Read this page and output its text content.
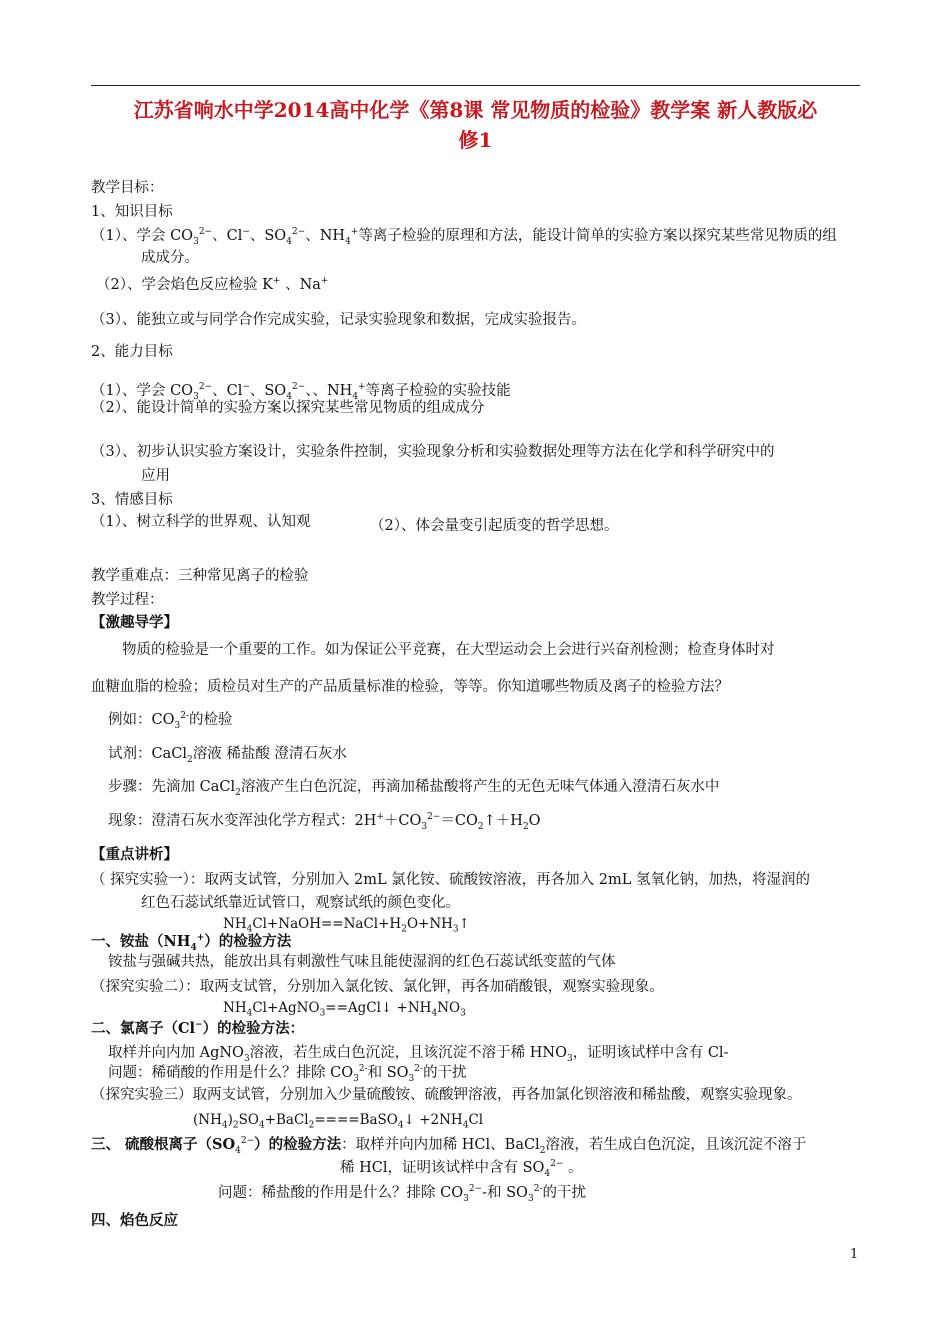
江苏省响水中学2014高中化学《第8课 常见物质的检验》教学案 新人教版必
修1
教学目标：
1、知识目标
（1）、学会 $CO_3^{2-}$、Cl−、$SO_4^{2-}$、$NH_4^+$等离子检验的原理和方法，能设计简单的实验方案以探究某些常见物质的组
成成分。
（2）、学会焰色反应检验 K+ 、Na+
（3）、能独立或与同学合作完成实验，记录实验现象和数据，完成实验报告。
2、能力目标
（1）、学会 $CO_3^{2-}$、Cl−、$SO_4^{2-}$、、$NH_4^+$等离子检验的实验技能
（2）、能设计简单的实验方案以探究某些常见物质的组成成分
（3）、初步认识实验方案设计，实验条件控制，实验现象分析和实验数据处理等方法在化学和科学研究中的
应用
3、情感目标
（1）、树立科学的世界观、认知观	（2）、体会量变引起质变的哲学思想。
教学重难点：三种常见离子的检验
教学过程：
【激趣导学】
物质的检验是一个重要的工作。如为保证公平竞赛，在大型运动会上会进行兴奋剂检测；检查身体时对
血糖血脂的检验；质检员对生产的产品质量标准的检验，等等。你知道哪些物质及离子的检验方法？
例如：$CO_3^{2-}$的检验
试剂：CaCl$_2$溶液 稀盐酸 澄清石灰水
步骤：先滴加 CaCl$_2$溶液产生白色沉淀，再滴加稀盐酸将产生的无色无味气体通入澄清石灰水中
现象：澄清石灰水变浑浊化学方程式：$2H^++CO_3^{2-}=CO_2↑+H_2O$
【重点讲析】
（ 探究实验一）：取两支试管，分别加入 2mL 氯化铵、硫酸铵溶液，再各加入 2mL 氢氧化钠，加热，将湿润的
红色石蕊试纸靠近试管口，观察试纸的颜色变化。
$NH_4Cl+NaOH==NaCl+H_2O+NH_3↑$
一、铵盐$(NH_4^+)$的检验方法
铵盐与强碱共热，能放出具有刺激性气味且能使湿润的红色石蕊试纸变蓝的气体
（探究实验二）：取两支试管，分别加入氯化铵、氯化钾，再各加硝酸银，观察实验现象。
$NH_4Cl+AgNO_3==AgCl↓ +NH_4NO_3$
二、氯离子（Cl−）的检验方法：
取样并向内加 AgNO$_3$溶液，若生成白色沉淀，且该沉淀不溶于稀 $HNO_3$，证明该试样中含有 Cl-
问题：稀硝酸的作用是什么？排除 $CO_3^{2-}$和 $SO_3^{2-}$的干扰
（探究实验三）取两支试管，分别加入少量硫酸铵、硫酸钾溶液，再各加氯化钡溶液和稀盐酸，观察实验现象。
$(NH_4)_2SO_4+BaCl_2====BaSO_4↓ +2NH_4Cl$
三、 硫酸根离子$(SO_4^{2-})$的检验方法：取样并向内加稀 HCl、BaCl$_2$溶液，若生成白色沉淀，且该沉淀不溶于
稀 HCl，证明该试样中含有 $SO_4^{2-}$ 。
问题：稀盐酸的作用是什么？排除 $CO_3^{2-}-$和 $SO_3^{2-}$的干扰
四、焰色反应
1
